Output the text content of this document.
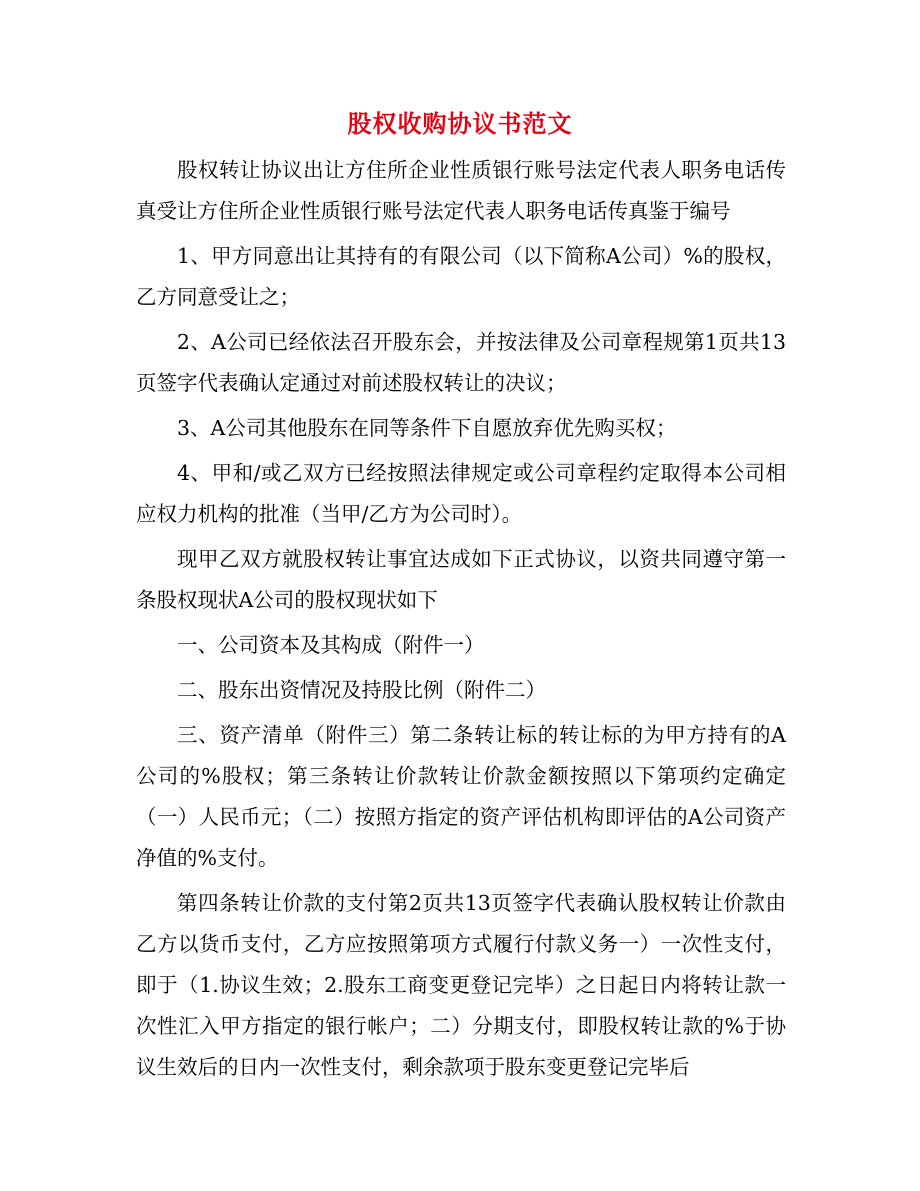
股权收购协议书范文

股权转让协议出让方住所企业性质银行账号法定代表人职务电话传真受让方住所企业性质银行账号法定代表人职务电话传真鉴于编号

1、甲方同意出让其持有的有限公司（以下简称A公司）%的股权，乙方同意受让之；

2、A公司已经依法召开股东会，并按法律及公司章程规第1页共13页签字代表确认定通过对前述股权转让的决议；

3、A公司其他股东在同等条件下自愿放弃优先购买权；

4、甲和/或乙双方已经按照法律规定或公司章程约定取得本公司相应权力机构的批准（当甲/乙方为公司时）。

现甲乙双方就股权转让事宜达成如下正式协议，以资共同遵守第一条股权现状A公司的股权现状如下

一、公司资本及其构成（附件一）

二、股东出资情况及持股比例（附件二）

三、资产清单（附件三）第二条转让标的转让标的为甲方持有的A公司的%股权；第三条转让价款转让价款金额按照以下第项约定确定（一）人民币元；（二）按照方指定的资产评估机构即评估的A公司资产净值的%支付。

第四条转让价款的支付第2页共13页签字代表确认股权转让价款由乙方以货币支付，乙方应按照第项方式履行付款义务一）一次性支付，即于（1.协议生效；2.股东工商变更登记完毕）之日起日内将转让款一次性汇入甲方指定的银行帐户；二）分期支付，即股权转让款的%于协议生效后的日内一次性支付，剩余款项于股东变更登记完毕后
